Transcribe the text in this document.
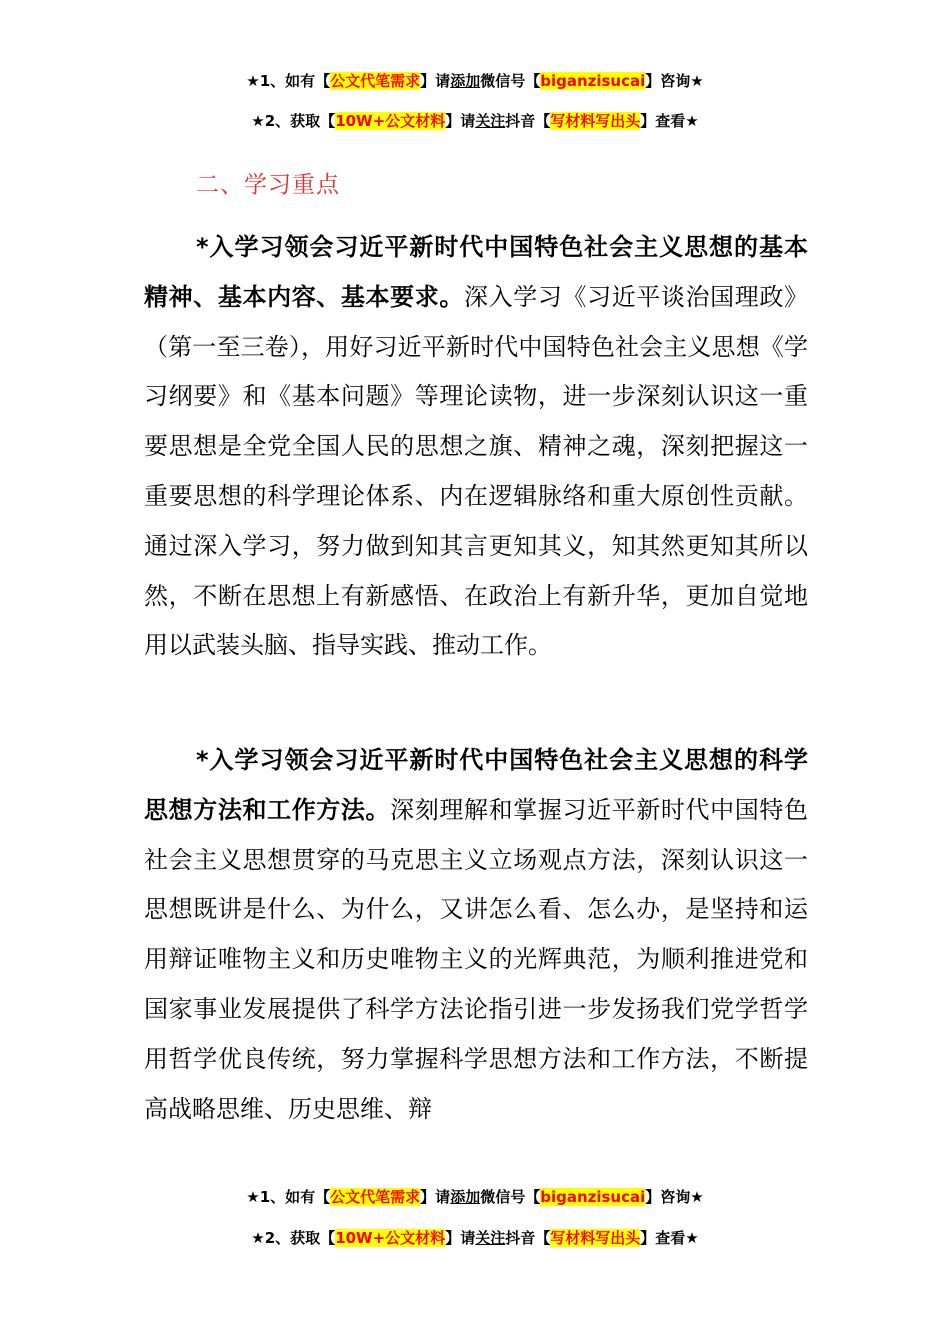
★1、如有【公文代笔需求】请添加微信号【biganzisucai】咨询★
★2、获取【10W+公文材料】请关注抖音【写材料写出头】查看★
二、学习重点
*入学习领会习近平新时代中国特色社会主义思想的基本精神、基本内容、基本要求。深入学习《习近平谈治国理政》（第一至三卷），用好习近平新时代中国特色社会主义思想《学习纲要》和《基本问题》等理论读物，进一步深刻认识这一重要思想是全党全国人民的思想之旗、精神之魂，深刻把握这一重要思想的科学理论体系、内在逻辑脉络和重大原创性贡献。通过深入学习，努力做到知其言更知其义，知其然更知其所以然，不断在思想上有新感悟、在政治上有新升华，更加自觉地用以武装头脑、指导实践、推动工作。
*入学习领会习近平新时代中国特色社会主义思想的科学思想方法和工作方法。深刻理解和掌握习近平新时代中国特色社会主义思想贯穿的马克思主义立场观点方法，深刻认识这一思想既讲是什么、为什么，又讲怎么看、怎么办，是坚持和运用辩证唯物主义和历史唯物主义的光辉典范，为顺利推进党和国家事业发展提供了科学方法论指引进一步发扬我们党学哲学用哲学优良传统，努力掌握科学思想方法和工作方法，不断提高战略思维、历史思维、辩
★1、如有【公文代笔需求】请添加微信号【biganzisucai】咨询★
★2、获取【10W+公文材料】请关注抖音【写材料写出头】查看★
